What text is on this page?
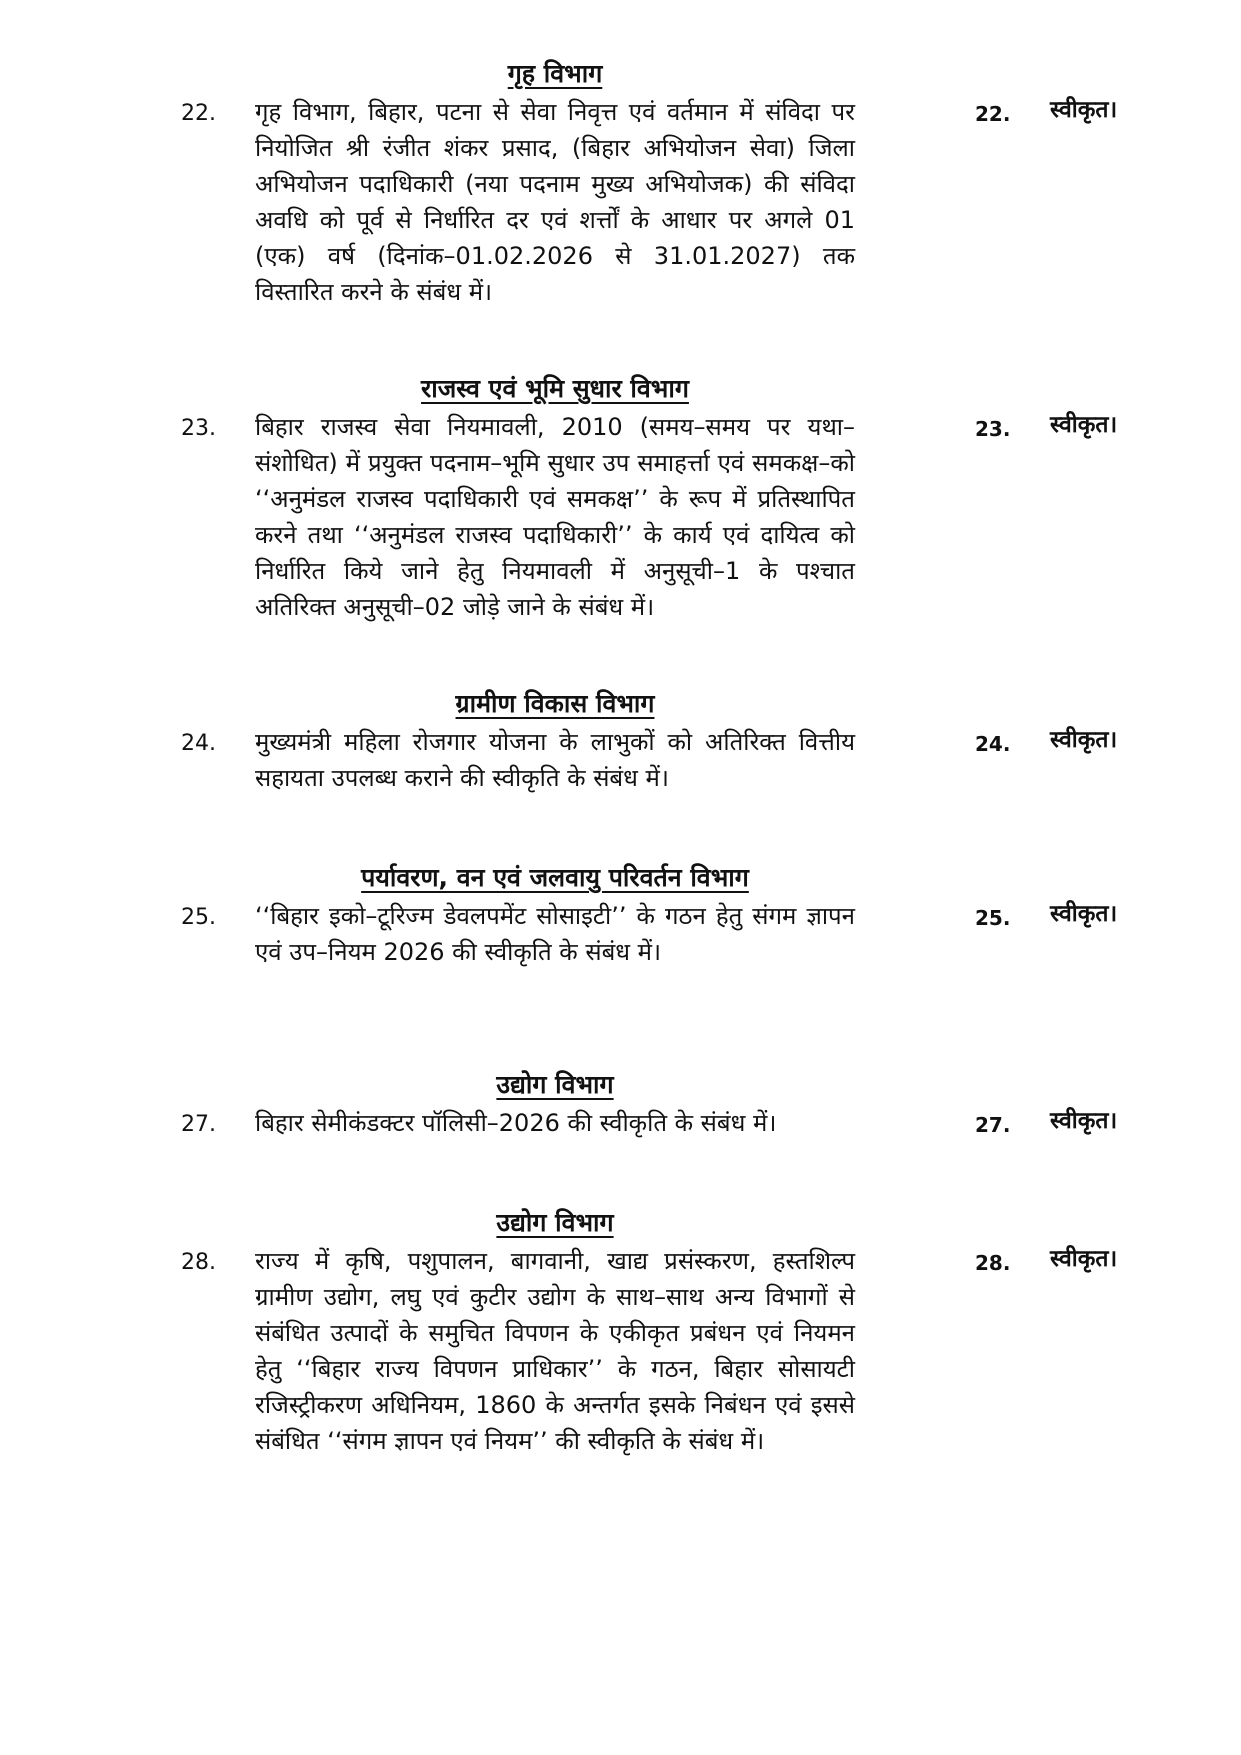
गृह विभाग
22. गृह विभाग, बिहार, पटना से सेवा निवृत्त एवं वर्तमान में संविदा पर नियोजित श्री रंजीत शंकर प्रसाद, (बिहार अभियोजन सेवा) जिला अभियोजन पदाधिकारी (नया पदनाम मुख्य अभियोजक) की संविदा अवधि को पूर्व से निर्धारित दर एवं शर्त्तों के आधार पर अगले 01 (एक) वर्ष (दिनांक–01.02.2026 से 31.01.2027) तक विस्तारित करने के संबंध में।
22. स्वीकृत।
राजस्व एवं भूमि सुधार विभाग
23. बिहार राजस्व सेवा नियमावली, 2010 (समय–समय पर यथा–संशोधित) में प्रयुक्त पदनाम–भूमि सुधार उप समाहर्त्ता एवं समकक्ष–को ‘‘अनुमंडल राजस्व पदाधिकारी एवं समकक्ष’’ के रूप में प्रतिस्थापित करने तथा ‘‘अनुमंडल राजस्व पदाधिकारी’’ के कार्य एवं दायित्व को निर्धारित किये जाने हेतु नियमावली में अनुसूची–1 के पश्चात अतिरिक्त अनुसूची–02 जोड़े जाने के संबंध में।
23. स्वीकृत।
ग्रामीण विकास विभाग
24. मुख्यमंत्री महिला रोजगार योजना के लाभुकों को अतिरिक्त वित्तीय सहायता उपलब्ध कराने की स्वीकृति के संबंध में।
24. स्वीकृत।
पर्यावरण, वन एवं जलवायु परिवर्तन विभाग
25. ‘‘बिहार इको–टूरिज्म डेवलपमेंट सोसाइटी’’ के गठन हेतु संगम ज्ञापन एवं उप–नियम 2026 की स्वीकृति के संबंध में।
25. स्वीकृत।
उद्योग विभाग
27. बिहार सेमीकंडक्टर पॉलिसी–2026 की स्वीकृति के संबंध में।	27. स्वीकृत।
उद्योग विभाग
28. राज्य में कृषि, पशुपालन, बागवानी, खाद्य प्रसंस्करण, हस्तशिल्प ग्रामीण उद्योग, लघु एवं कुटीर उद्योग के साथ–साथ अन्य विभागों से संबंधित उत्पादों के समुचित विपणन के एकीकृत प्रबंधन एवं नियमन हेतु ‘‘बिहार राज्य विपणन प्राधिकार’’ के गठन, बिहार सोसायटी रजिस्ट्रीकरण अधिनियम, 1860 के अन्तर्गत इसके निबंधन एवं इससे संबंधित ‘‘संगम ज्ञापन एवं नियम’’ की स्वीकृति के संबंध में।
28. स्वीकृत।
